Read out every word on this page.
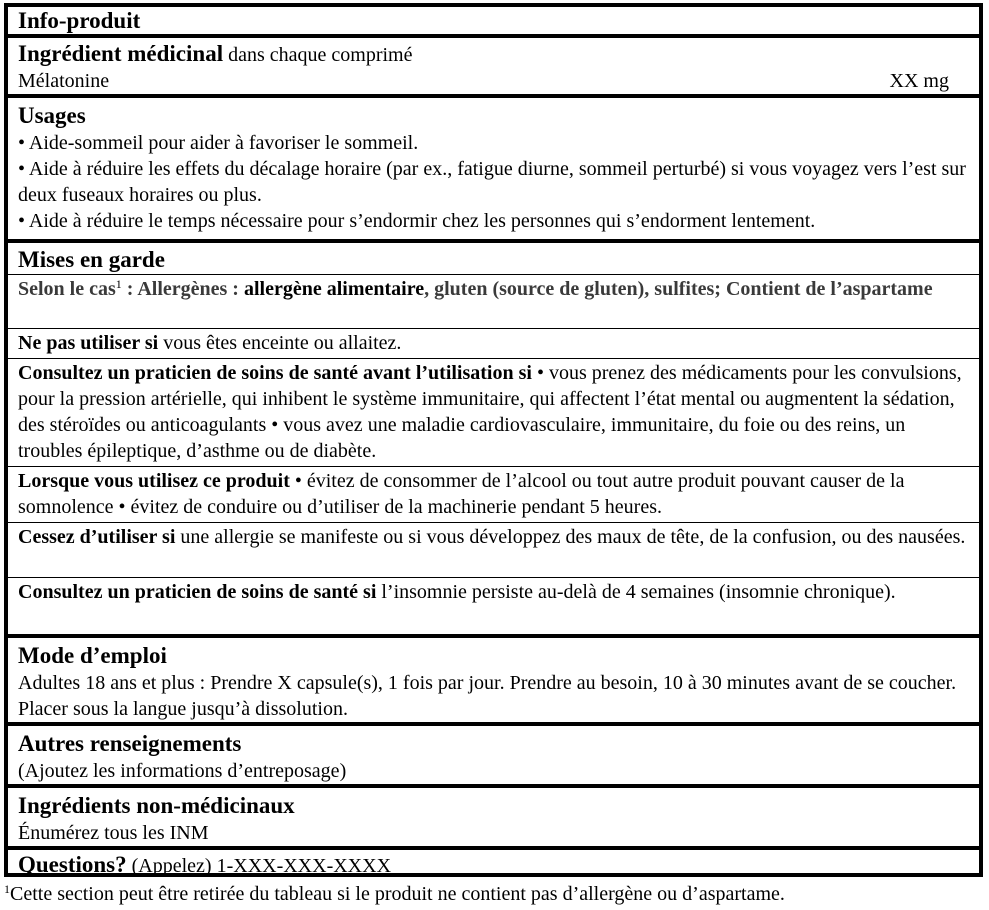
Info-produit
Ingrédient médicinal dans chaque comprimé
Mélatonine	XX mg
Usages
• Aide-sommeil pour aider à favoriser le sommeil.
• Aide à réduire les effets du décalage horaire (par ex., fatigue diurne, sommeil perturbé) si vous voyagez vers l’est sur deux fuseaux horaires ou plus.
• Aide à réduire le temps nécessaire pour s’endormir chez les personnes qui s’endorment lentement.
Mises en garde
Selon le cas$^1$ : Allergènes : allergène alimentaire, gluten (source de gluten), sulfites; Contient de l’aspartame
Ne pas utiliser si vous êtes enceinte ou allaitez.
Consultez un praticien de soins de santé avant l’utilisation si • vous prenez des médicaments pour les convulsions, pour la pression artérielle, qui inhibent le système immunitaire, qui affectent l’état mental ou augmentent la sédation, des stéroïdes ou anticoagulants • vous avez une maladie cardiovasculaire, immunitaire, du foie ou des reins, un troubles épileptique, d’asthme ou de diabète.
Lorsque vous utilisez ce produit • évitez de consommer de l’alcool ou tout autre produit pouvant causer de la somnolence • évitez de conduire ou d’utiliser de la machinerie pendant 5 heures.
Cessez d’utiliser si une allergie se manifeste ou si vous développez des maux de tête, de la confusion, ou des nausées.
Consultez un praticien de soins de santé si l’insomnie persiste au-delà de 4 semaines (insomnie chronique).
Mode d’emploi
Adultes 18 ans et plus : Prendre X capsule(s), 1 fois par jour. Prendre au besoin, 10 à 30 minutes avant de se coucher. Placer sous la langue jusqu’à dissolution.
Autres renseignements
(Ajoutez les informations d’entreposage)
Ingrédients non-médicinaux
Énumérez tous les INM
Questions? (Appelez) 1-XXX-XXX-XXXX
$^1$Cette section peut être retirée du tableau si le produit ne contient pas d’allergène ou d’aspartame.
